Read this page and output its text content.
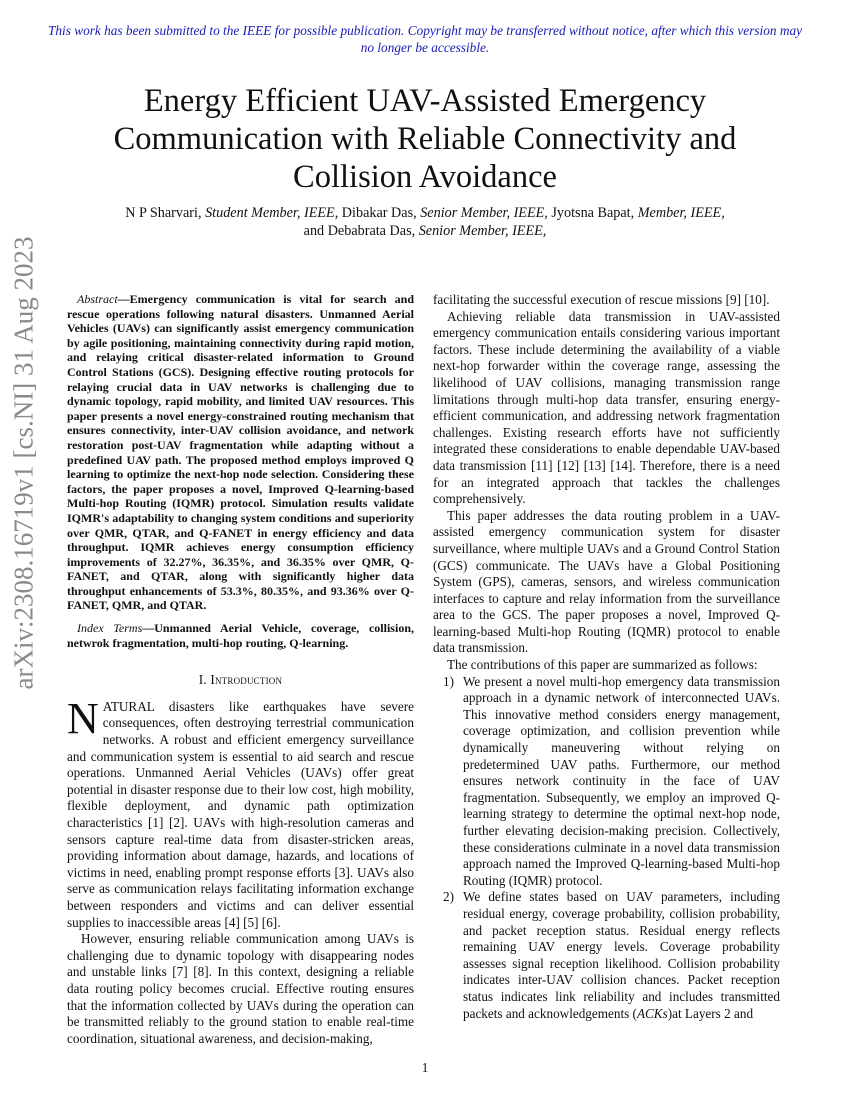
This work has been submitted to the IEEE for possible publication. Copyright may be transferred without notice, after which this version may no longer be accessible.
Energy Efficient UAV-Assisted Emergency Communication with Reliable Connectivity and Collision Avoidance
N P Sharvari, Student Member, IEEE, Dibakar Das, Senior Member, IEEE, Jyotsna Bapat, Member, IEEE,
and Debabrata Das, Senior Member, IEEE,
arXiv:2308.16719v1 [cs.NI] 31 Aug 2023	Abstract—Emergency communication is vital for search and rescue operations following natural disasters. Unmanned Aerial Vehicles (UAVs) can significantly assist emergency communication by agile positioning, maintaining connectivity during rapid motion, and relaying critical disaster-related information to Ground Control Stations (GCS). Designing effective routing protocols for relaying crucial data in UAV networks is challenging due to dynamic topology, rapid mobility, and limited UAV resources. This paper presents a novel energy-constrained routing mechanism that ensures connectivity, inter-UAV collision avoidance, and network restoration post-UAV fragmentation while adapting without a predefined UAV path. The proposed method employs improved Q learning to optimize the next-hop node selection. Considering these factors, the paper proposes a novel, Improved Q-learning-based Multi-hop Routing (IQMR) protocol. Simulation results validate IQMR's adaptability to changing system conditions and superiority over QMR, QTAR, and Q-FANET in energy efficiency and data throughput. IQMR achieves energy consumption efficiency improvements of 32.27%, 36.35%, and 36.35% over QMR, Q-FANET, and QTAR, along with significantly higher data throughput enhancements of 53.3%, 80.35%, and 93.36% over Q-FANET, QMR, and QTAR.

Index Terms—Unmanned Aerial Vehicle, coverage, collision, netwrok fragmentation, multi-hop routing, Q-learning.

I. Introduction

NATURAL disasters like earthquakes have severe consequences, often destroying terrestrial communication networks. A robust and efficient emergency surveillance and communication system is essential to aid search and rescue operations. Unmanned Aerial Vehicles (UAVs) offer great potential in disaster response due to their low cost, high mobility, flexible deployment, and dynamic path optimization characteristics [1] [2]. UAVs with high-resolution cameras and sensors capture real-time data from disaster-stricken areas, providing information about damage, hazards, and locations of victims in need, enabling prompt response efforts [3]. UAVs also serve as communication relays facilitating information exchange between responders and victims and can deliver essential supplies to inaccessible areas [4] [5] [6].

However, ensuring reliable communication among UAVs is challenging due to dynamic topology with disappearing nodes and unstable links [7] [8]. In this context, designing a reliable data routing policy becomes crucial. Effective routing ensures that the information collected by UAVs during the operation can be transmitted reliably to the ground station to enable real-time coordination, situational awareness, and decision-making,

facilitating the successful execution of rescue missions [9] [10].

Achieving reliable data transmission in UAV-assisted emergency communication entails considering various important factors. These include determining the availability of a viable next-hop forwarder within the coverage range, assessing the likelihood of UAV collisions, managing transmission range limitations through multi-hop data transfer, ensuring energy-efficient communication, and addressing network fragmentation challenges. Existing research efforts have not sufficiently integrated these considerations to enable dependable UAV-based data transmission [11] [12] [13] [14]. Therefore, there is a need for an integrated approach that tackles the challenges comprehensively.

This paper addresses the data routing problem in a UAV-assisted emergency communication system for disaster surveillance, where multiple UAVs and a Ground Control Station (GCS) communicate. The UAVs have a Global Positioning System (GPS), cameras, sensors, and wireless communication interfaces to capture and relay information from the surveillance area to the GCS. The paper proposes a novel, Improved Q-learning-based Multi-hop Routing (IQMR) protocol to enable data transmission.

The contributions of this paper are summarized as follows:

1) We present a novel multi-hop emergency data transmission approach in a dynamic network of interconnected UAVs. This innovative method considers energy management, coverage optimization, and collision prevention while dynamically maneuvering without relying on predetermined UAV paths. Furthermore, our method ensures network continuity in the face of UAV fragmentation. Subsequently, we employ an improved Q-learning strategy to determine the optimal next-hop node, further elevating decision-making precision. Collectively, these considerations culminate in a novel data transmission approach named the Improved Q-learning-based Multi-hop Routing (IQMR) protocol.
2) We define states based on UAV parameters, including residual energy, coverage probability, collision probability, and packet reception status. Residual energy reflects remaining UAV energy levels. Coverage probability assesses signal reception likelihood. Collision probability indicates inter-UAV collision chances. Packet reception status indicates link reliability and includes transmitted packets and acknowledgements (ACKs)at Layers 2 and
1
